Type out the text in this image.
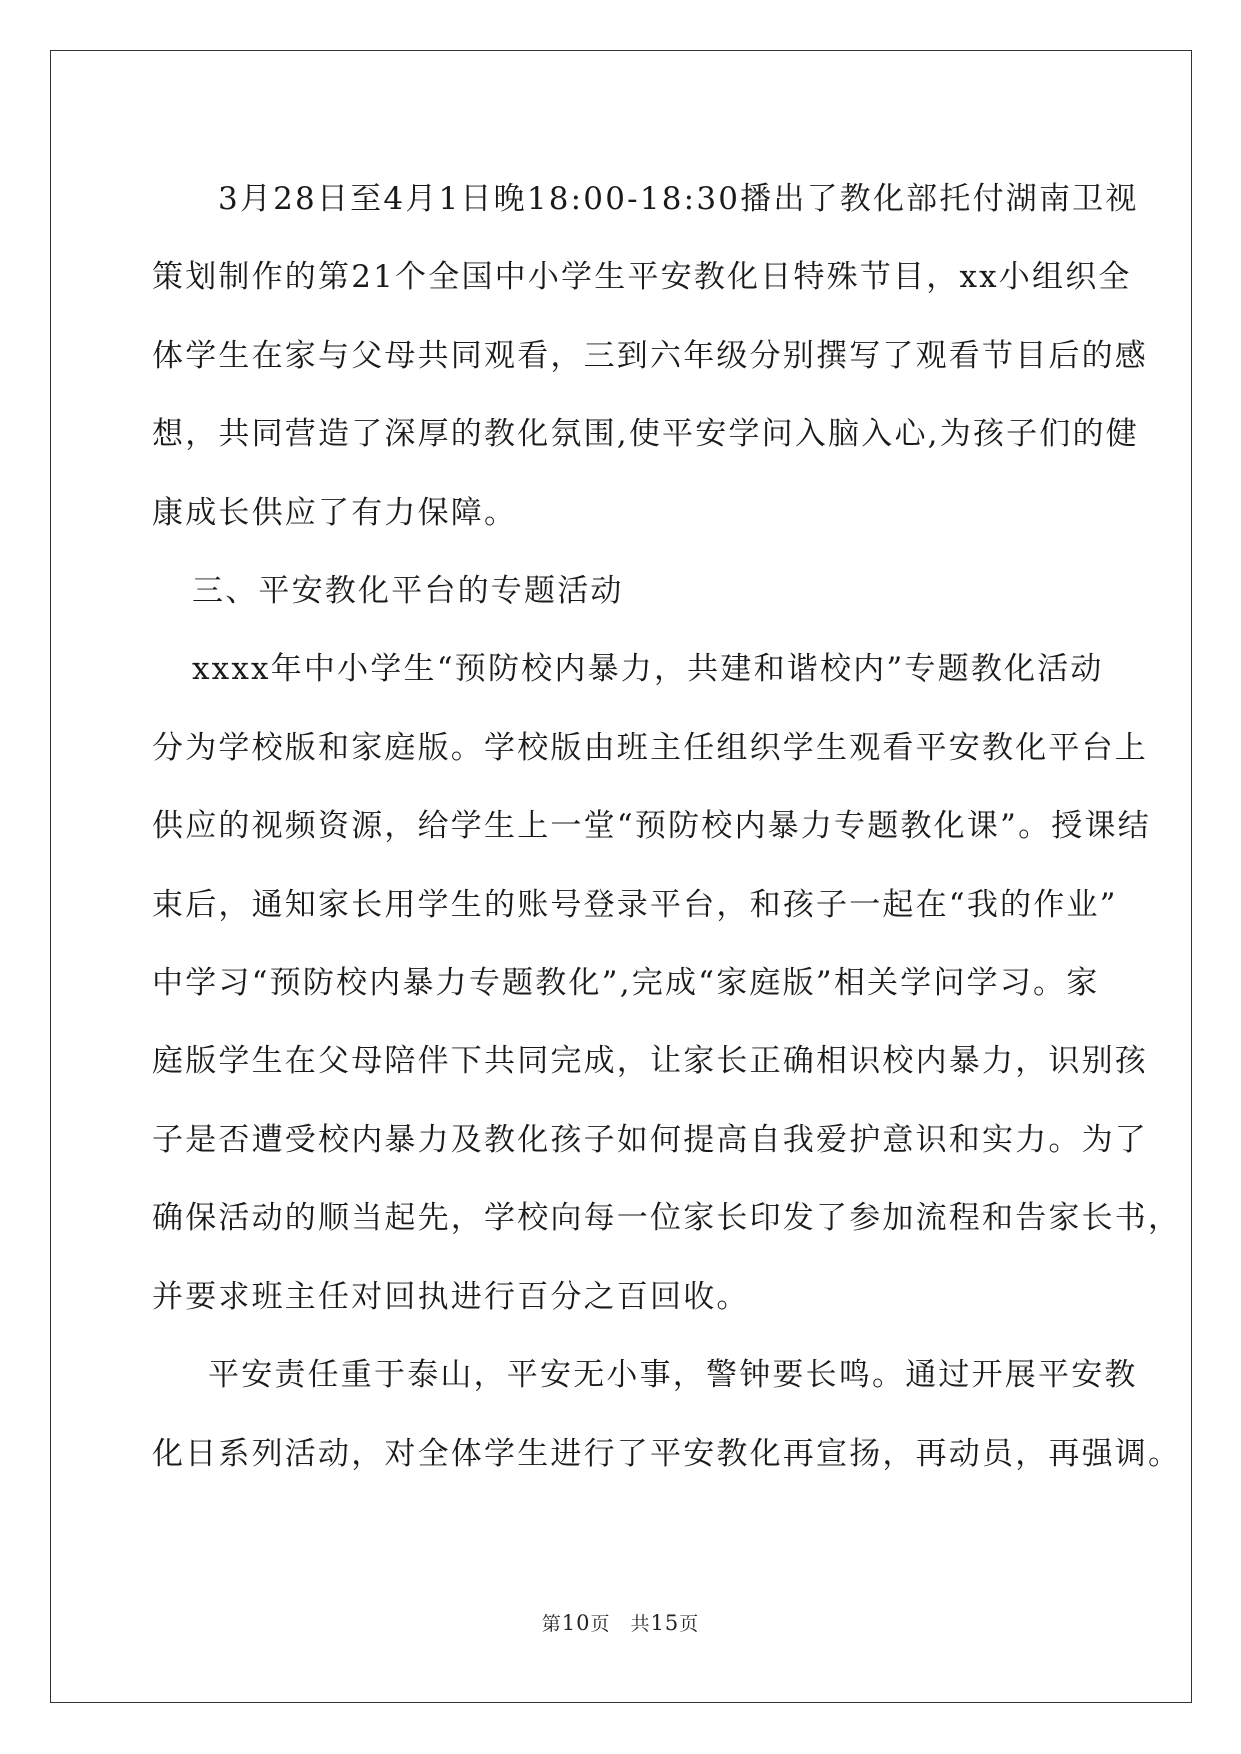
3月28日至4月1日晚18:00-18:30播出了教化部托付湖南卫视
策划制作的第21个全国中小学生平安教化日特殊节目，xx小组织全
体学生在家与父母共同观看，三到六年级分别撰写了观看节目后的感
想，共同营造了深厚的教化氛围,使平安学问入脑入心,为孩子们的健
康成长供应了有力保障。
三、平安教化平台的专题活动
xxxx年中小学生“预防校内暴力，共建和谐校内”专题教化活动
分为学校版和家庭版。学校版由班主任组织学生观看平安教化平台上
供应的视频资源，给学生上一堂“预防校内暴力专题教化课”。授课结
束后，通知家长用学生的账号登录平台，和孩子一起在“我的作业”
中学习“预防校内暴力专题教化”,完成“家庭版”相关学问学习。家
庭版学生在父母陪伴下共同完成，让家长正确相识校内暴力，识别孩
子是否遭受校内暴力及教化孩子如何提高自我爱护意识和实力。为了
确保活动的顺当起先，学校向每一位家长印发了参加流程和告家长书，
并要求班主任对回执进行百分之百回收。
平安责任重于泰山，平安无小事，警钟要长鸣。通过开展平安教
化日系列活动，对全体学生进行了平安教化再宣扬，再动员，再强调。
第10页　共15页
